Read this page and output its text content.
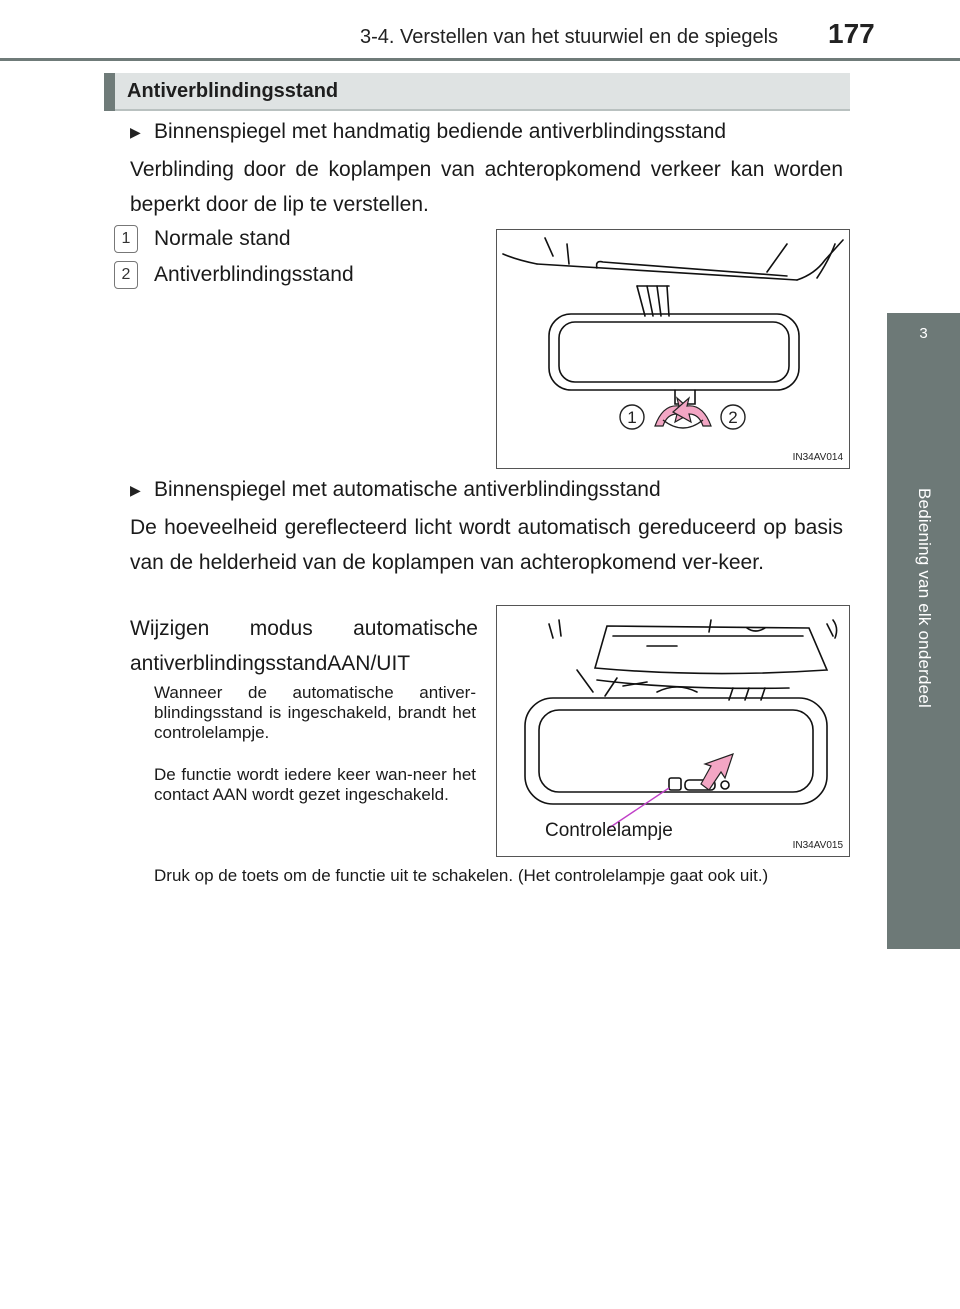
3-4. Verstellen van het stuurwiel en de spiegels 177
3
Bediening van elk onderdeel
Antiverblindingsstand
▶ Binnenspiegel met handmatig bediende antiverblindingsstand
Verblinding door de koplampen van achteropkomend verkeer kan worden beperkt door de lip te verstellen.
1	Normale stand
2	Antiverblindingsstand
1	2
IN34AV014
▶ Binnenspiegel met automatische antiverblindingsstand
De hoeveelheid gereflecteerd licht wordt automatisch gereduceerd op basis van de helderheid van de koplampen van achteropkomend ver-keer.
Wijzigen modus automatische antiverblindingsstandAAN/UIT
Wanneer de automatische antiver-blindingsstand is ingeschakeld, brandt het controlelampje.
De functie wordt iedere keer wan-neer het contact AAN wordt gezet ingeschakeld.
Druk op de toets om de functie uit te schakelen. (Het controlelampje gaat ook uit.)
Controlelampje
IN34AV015
